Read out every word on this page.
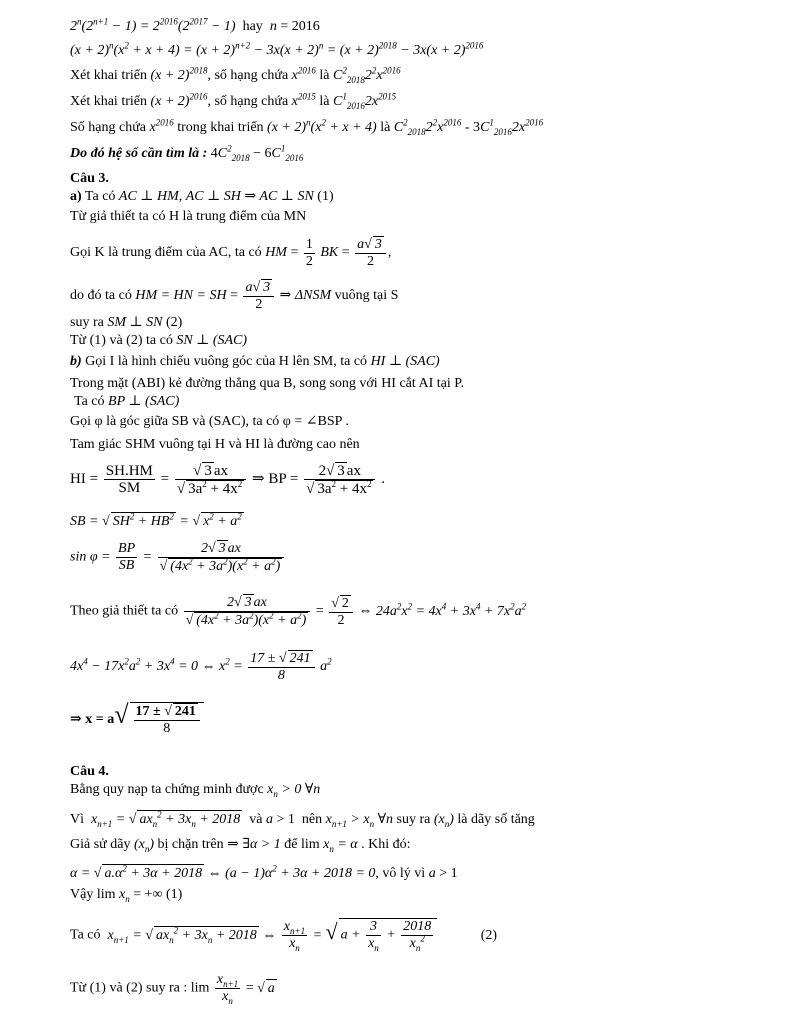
$2^n(2^{n+1} - 1) = 2^{2016}(2^{2017} - 1)$  hay  n = 2016
$(x + 2)^n(x^2 + x + 4) = (x + 2)^{n+2} - 3x(x + 2)^n = (x + 2)^{2018} - 3x(x + 2)^{2016}$
Xét khai triển $(x + 2)^{2018}$, số hạng chứa $x^{2016}$ là $C^2_{2018}2^2x^{2016}$
Xét khai triển $(x + 2)^{2016}$, số hạng chứa $x^{2015}$ là $C^1_{2016}2x^{2015}$
Số hạng chứa $x^{2016}$ trong khai triển $(x + 2)^n(x^2 + x + 4)$ là $C^2_{2018}2^2x^{2016} - 3C^1_{2016}2x^{2016}$
Do đó hệ số cần tìm là : $4C^2_{2018} - 6C^1_{2016}$
Câu 3.
a) Ta có AC ⊥ HM, AC ⊥ SH ⇒ AC ⊥ SN (1)
Từ giả thiết ta có H là trung điểm của MN
Gọi K là trung điểm của AC, ta có HM = $\frac{1}{2}$ BK = $\frac{a√ 3}{2}$ ,
do đó ta có HM = HN = SH = $\frac{a√ 3}{2}$ ⇒ ΔNSM vuông tại S
suy ra SM ⊥ SN (2)
Từ (1) và (2) ta có SN ⊥ (SAC)
b) Gọi I là hình chiếu vuông góc của H lên SM, ta có HI ⊥ (SAC)
Trong mặt (ABI) kẻ đường thẳng qua B, song song với HI cắt AI tại P.
Ta có BP ⊥ (SAC)
Gọi φ là góc giữa SB và (SAC), ta có φ = ∠BSP .
Tam giác SHM vuông tại H và HI là đường cao nên
HI = $\frac{SH.HM}{SM} = \frac{√ 3 ax}{√ 3a^2 + 4x^2}$ ⇒ BP = $\frac{2√ 3 ax}{√ 3a^2 + 4x^2}$ .
SB = √ $SH^2 + HB^2$ = √ $x^2 + a^2$
$\sin \varphi = \frac{BP}{SB} = \frac{2√ 3 ax}{√ (4x^2 + 3a^2)(x^2 + a^2)}$
Theo giả thiết ta có $\frac{2√ 3 ax}{√ (4x^2 + 3a^2)(x^2 + a^2)} = \frac{√ 2}{2}$ ⇔ $24a^2x^2 = 4x^4 + 3x^4 + 7x^2a^2$
$4x^4 - 17x^2a^2 + 3x^4 = 0$ ⇔ $x^2 = \frac{17 \pm √ 241}{8} a^2$
⇒ $x = a√ \frac{17 \pm √ 241}{8}$
Câu 4.
Bằng quy nạp ta chứng minh được $x_n > 0$ ∀n
Vì  $x_{n+1}$ = √ $ax_n^2 + 3x_n + 2018$  và a > 1  nên $x_{n+1} > x_n$ ∀n suy ra $(x_n)$ là dãy số tăng
Giả sử dãy $(x_n)$ bị chặn trên ⇒ ∃α > 1 để $\lim x_n = \alpha$ . Khi đó:
α = √ $a.\alpha^2 + 3\alpha + 2018$ ⇔ $(a - 1)\alpha^2 + 3\alpha + 2018 = 0$, vô lý vì a > 1
Vậy $\lim x_n$ = +∞ (1)
Ta có  $x_{n+1}$ = √ $ax_n^2 + 3x_n + 2018$ ⇔ $\frac{x_{n+1}}{x_n}$ = √ $a + \frac{3}{x_n} + \frac{2018}{x_n^2}$	(2)
Từ (1) và (2) suy ra : $\lim \frac{x_{n+1}}{x_n}$ = √ a
